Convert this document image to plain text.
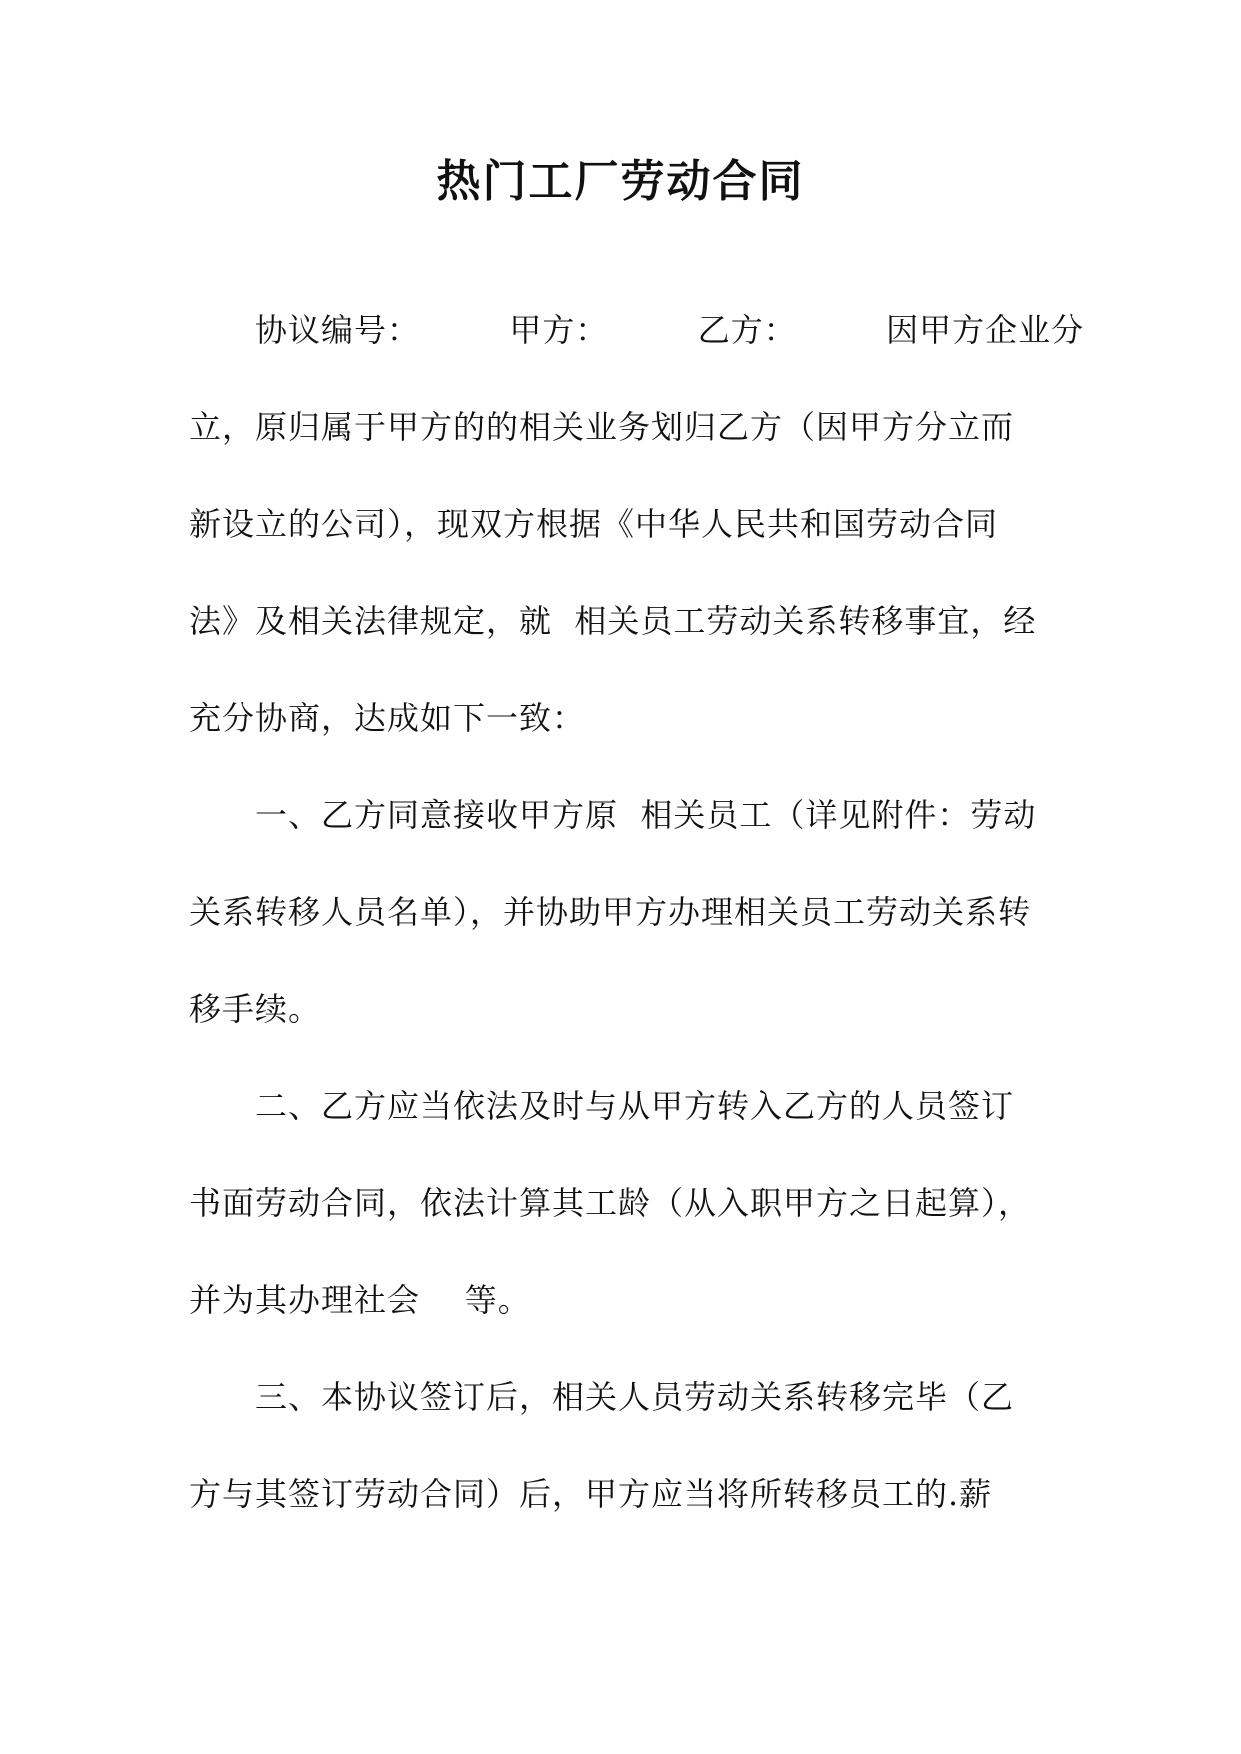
热门工厂劳动合同
协议编号：        甲方：        乙方：        因甲方企业分
立，原归属于甲方的的相关业务划归乙方（因甲方分立而
新设立的公司），现双方根据《中华人民共和国劳动合同
法》及相关法律规定，就  相关员工劳动关系转移事宜，经
充分协商，达成如下一致：
一、乙方同意接收甲方原  相关员工（详见附件：劳动
关系转移人员名单），并协助甲方办理相关员工劳动关系转
移手续。
二、乙方应当依法及时与从甲方转入乙方的人员签订
书面劳动合同，依法计算其工龄（从入职甲方之日起算），
并为其办理社会    等。
三、本协议签订后，相关人员劳动关系转移完毕（乙
方与其签订劳动合同）后，甲方应当将所转移员工的.薪
